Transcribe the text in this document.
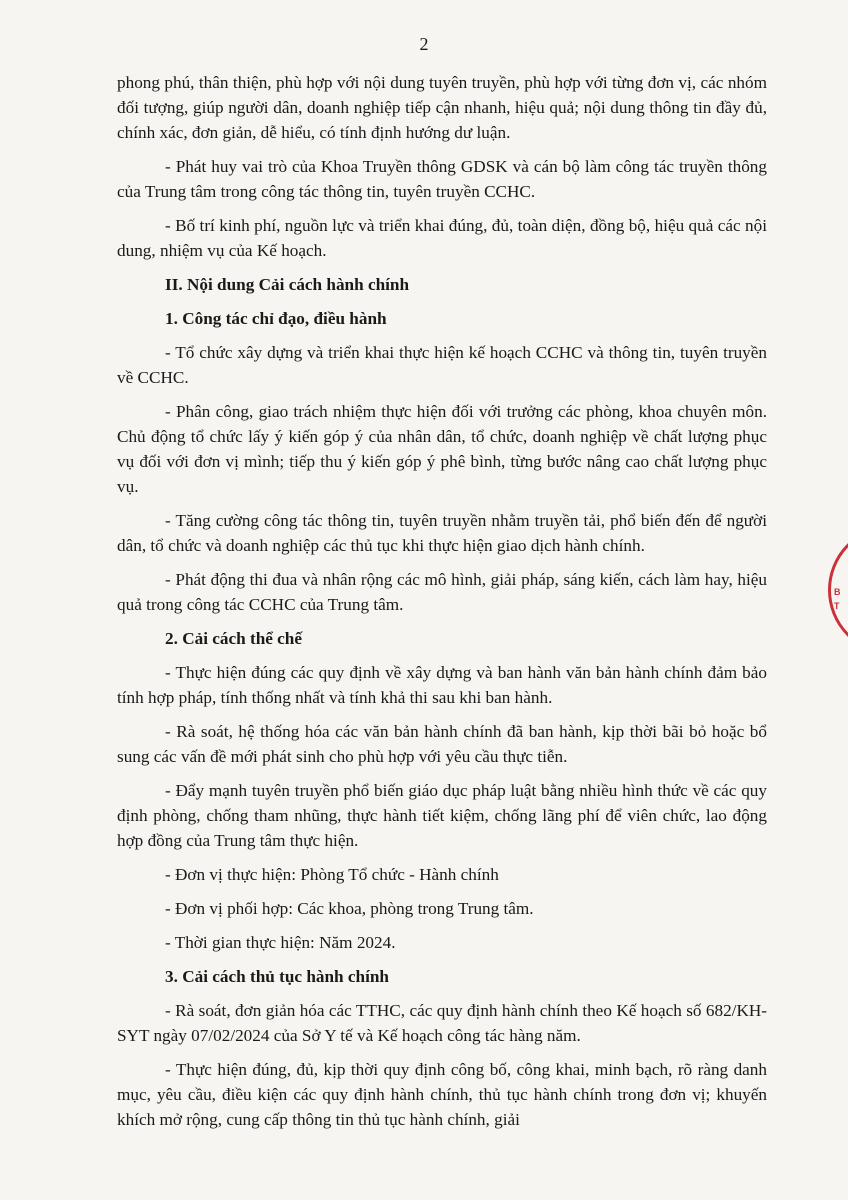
2

phong phú, thân thiện, phù hợp với nội dung tuyên truyền, phù hợp với từng đơn vị, các nhóm đối tượng, giúp người dân, doanh nghiệp tiếp cận nhanh, hiệu quả; nội dung thông tin đầy đủ, chính xác, đơn giản, dễ hiểu, có tính định hướng dư luận.

- Phát huy vai trò của Khoa Truyền thông GDSK và cán bộ làm công tác truyền thông của Trung tâm trong công tác thông tin, tuyên truyền CCHC.

- Bố trí kinh phí, nguồn lực và triển khai đúng, đủ, toàn diện, đồng bộ, hiệu quả các nội dung, nhiệm vụ của Kế hoạch.

II. Nội dung Cải cách hành chính

1. Công tác chỉ đạo, điều hành

- Tổ chức xây dựng và triển khai thực hiện kế hoạch CCHC và thông tin, tuyên truyền về CCHC.

- Phân công, giao trách nhiệm thực hiện đối với trưởng các phòng, khoa chuyên môn. Chủ động tổ chức lấy ý kiến góp ý của nhân dân, tổ chức, doanh nghiệp về chất lượng phục vụ đối với đơn vị mình; tiếp thu ý kiến góp ý phê bình, từng bước nâng cao chất lượng phục vụ.

- Tăng cường công tác thông tin, tuyên truyền nhằm truyền tải, phổ biến đến để người dân, tổ chức và doanh nghiệp các thủ tục khi thực hiện giao dịch hành chính.

- Phát động thi đua và nhân rộng các mô hình, giải pháp, sáng kiến, cách làm hay, hiệu quả trong công tác CCHC của Trung tâm.

2. Cải cách thể chế

- Thực hiện đúng các quy định về xây dựng và ban hành văn bản hành chính đảm bảo tính hợp pháp, tính thống nhất và tính khả thi sau khi ban hành.

- Rà soát, hệ thống hóa các văn bản hành chính đã ban hành, kịp thời bãi bỏ hoặc bổ sung các vấn đề mới phát sinh cho phù hợp với yêu cầu thực tiễn.

- Đẩy mạnh tuyên truyền phổ biến giáo dục pháp luật bằng nhiều hình thức về các quy định phòng, chống tham nhũng, thực hành tiết kiệm, chống lãng phí để viên chức, lao động hợp đồng của Trung tâm thực hiện.

- Đơn vị thực hiện: Phòng Tổ chức - Hành chính

- Đơn vị phối hợp: Các khoa, phòng trong Trung tâm.

- Thời gian thực hiện: Năm 2024.

3. Cải cách thủ tục hành chính

- Rà soát, đơn giản hóa các TTHC, các quy định hành chính theo Kế hoạch số 682/KH-SYT ngày 07/02/2024 của Sở Y tế và Kế hoạch công tác hàng năm.

- Thực hiện đúng, đủ, kịp thời quy định công bố, công khai, minh bạch, rõ ràng danh mục, yêu cầu, điều kiện các quy định hành chính, thủ tục hành chính trong đơn vị; khuyến khích mở rộng, cung cấp thông tin thủ tục hành chính, giải

B
T
